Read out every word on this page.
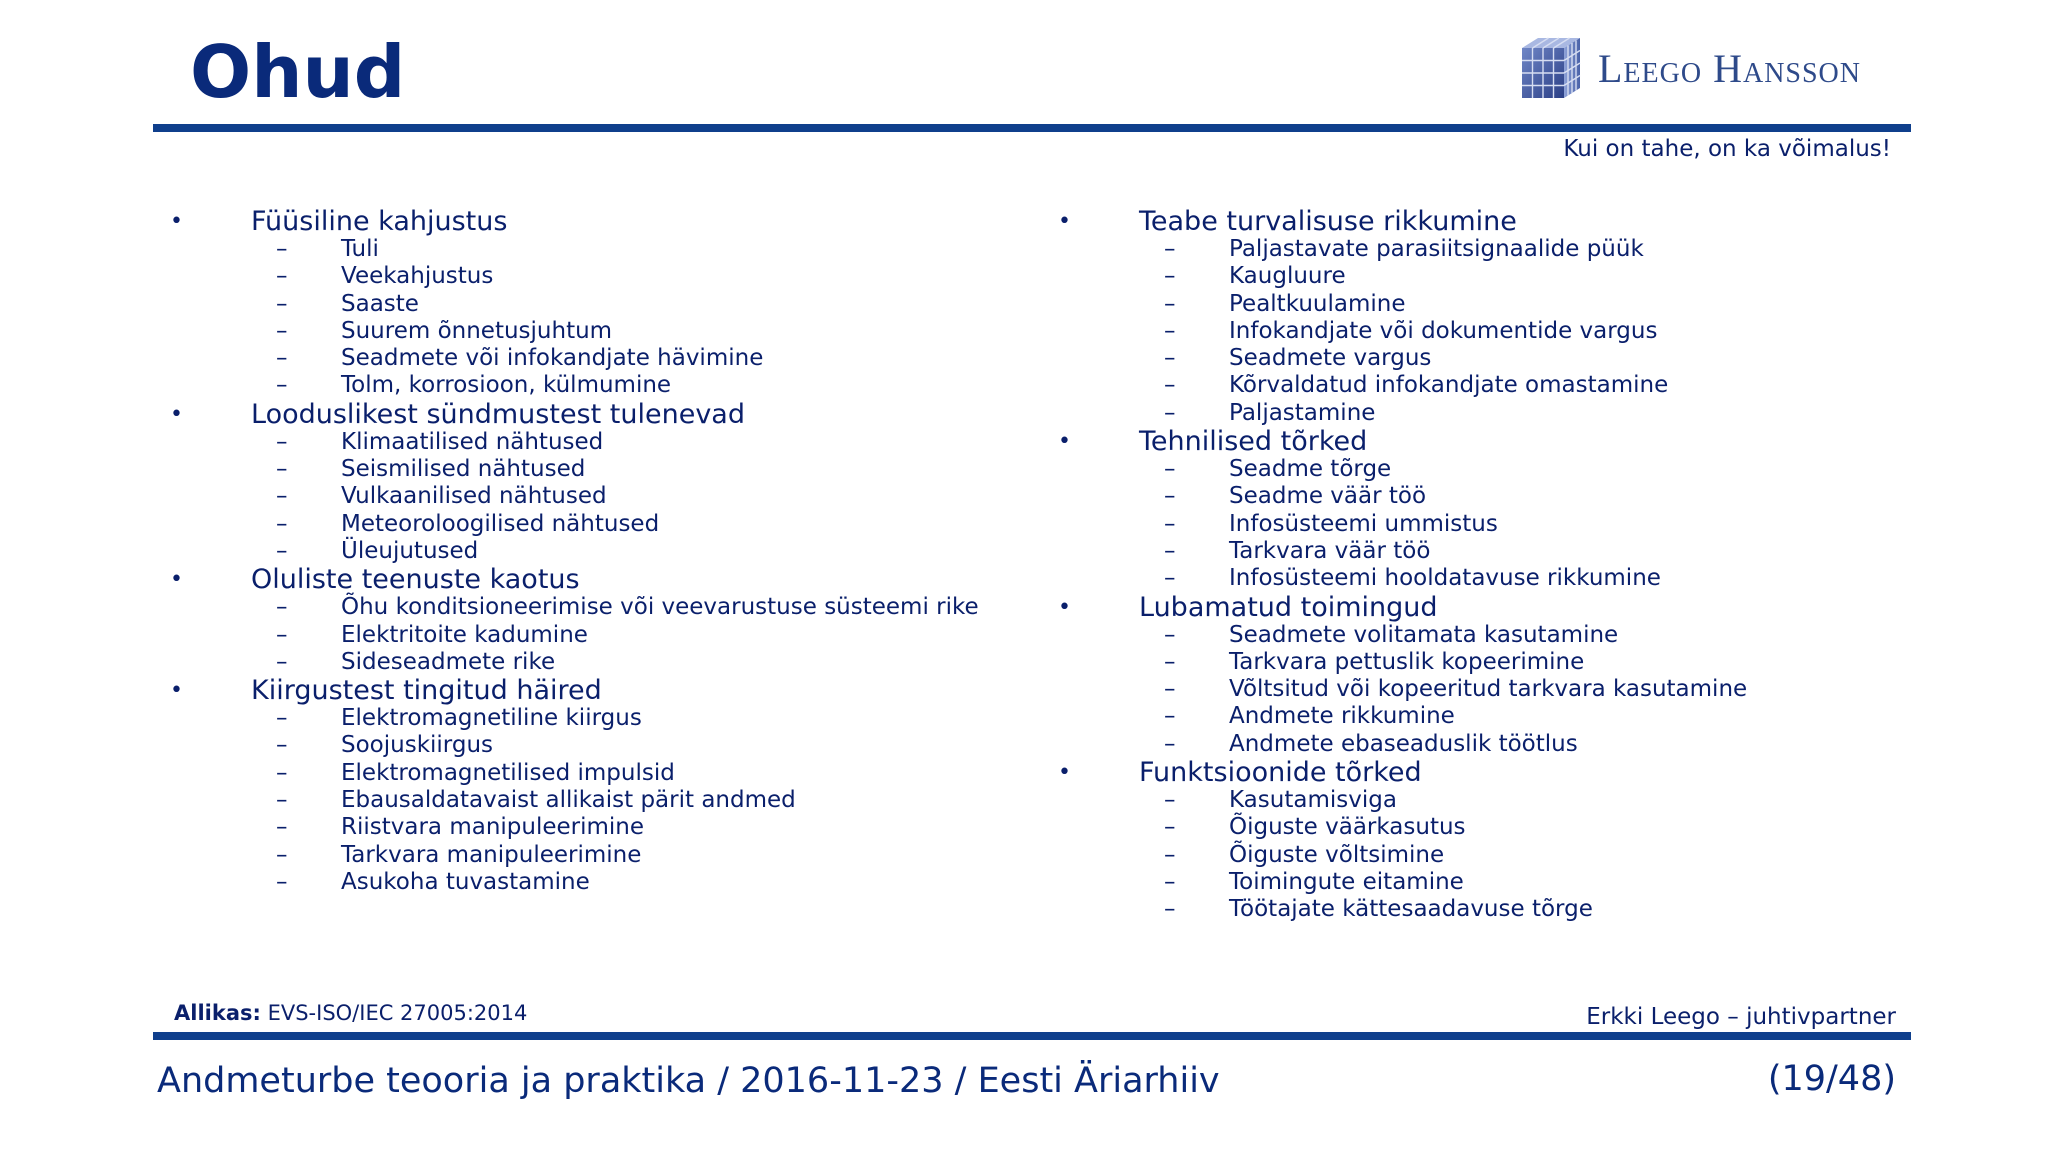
Ohud	Leego Hansson
Kui on tahe, on ka võimalus!
•	Füüsiline kahjustus
– Tuli
– Veekahjustus
– Saaste
– Suurem õnnetusjuhtum
– Seadmete või infokandjate hävimine
– Tolm, korrosioon, külmumine
•	Looduslikest sündmustest tulenevad
– Klimaatilised nähtused
– Seismilised nähtused
– Vulkaanilised nähtused
– Meteoroloogilised nähtused
– Üleujutused
•	Oluliste teenuste kaotus
– Õhu konditsioneerimise või veevarustuse süsteemi rike
– Elektritoite kadumine
– Sideseadmete rike
•	Kiirgustest tingitud häired
– Elektromagnetiline kiirgus
– Soojuskiirgus
– Elektromagnetilised impulsid
– Ebausaldatavaist allikaist pärit andmed
– Riistvara manipuleerimine
– Tarkvara manipuleerimine
– Asukoha tuvastamine
•	Teabe turvalisuse rikkumine
– Paljastavate parasiitsignaalide püük
– Kaugluure
– Pealtkuulamine
– Infokandjate või dokumentide vargus
– Seadmete vargus
– Kõrvaldatud infokandjate omastamine
– Paljastamine
•	Tehnilised tõrked
– Seadme tõrge
– Seadme väär töö
– Infosüsteemi ummistus
– Tarkvara väär töö
– Infosüsteemi hooldatavuse rikkumine
•	Lubamatud toimingud
– Seadmete volitamata kasutamine
– Tarkvara pettuslik kopeerimine
– Võltsitud või kopeeritud tarkvara kasutamine
– Andmete rikkumine
– Andmete ebaseaduslik töötlus
•	Funktsioonide tõrked
– Kasutamisviga
– Õiguste väärkasutus
– Õiguste võltsimine
– Toimingute eitamine
– Töötajate kättesaadavuse tõrge
Allikas: EVS-ISO/IEC 27005:2014	Erkki Leego – juhtivpartner
Andmeturbe teooria ja praktika / 2016-11-23 / Eesti Äriarhiiv	(19/48)
